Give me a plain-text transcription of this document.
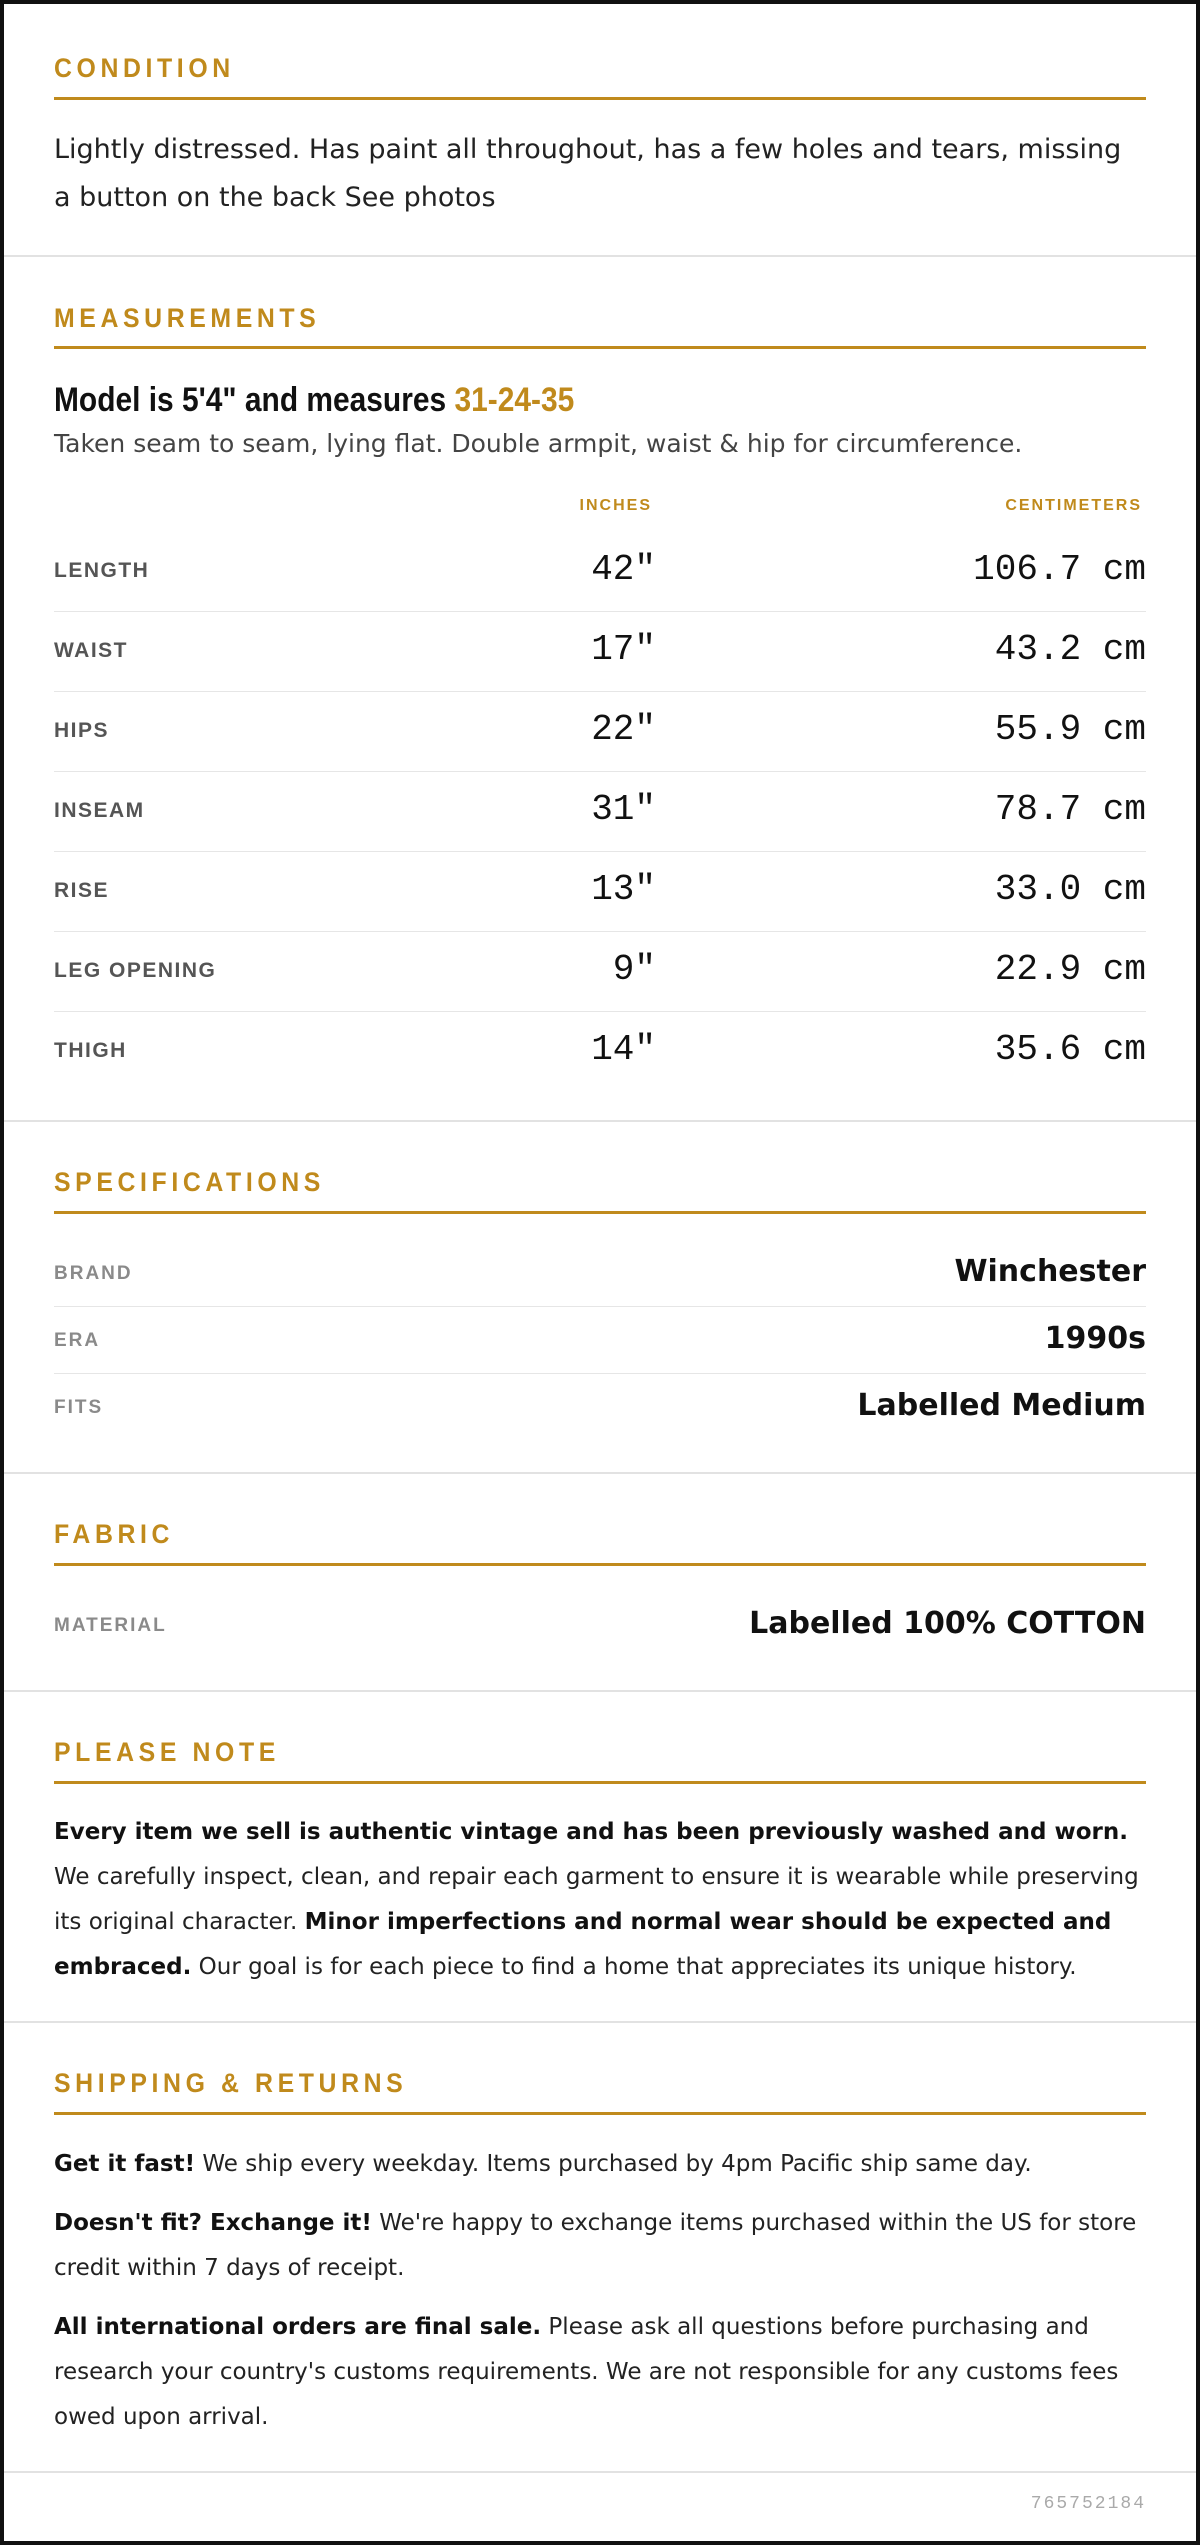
CONDITION
Lightly distressed. Has paint all throughout, has a few holes and tears, missing a button on the back See photos
MEASUREMENTS
Model is 5'4" and measures 31-24-35
Taken seam to seam, lying flat. Double armpit, waist & hip for circumference.
INCHES	CENTIMETERS
LENGTH	42"	106.7 cm
WAIST	17"	43.2 cm
HIPS	22"	55.9 cm
INSEAM	31"	78.7 cm
RISE	13"	33.0 cm
LEG OPENING	9"	22.9 cm
THIGH	14"	35.6 cm
SPECIFICATIONS
BRAND	Winchester
ERA	1990s
FITS	Labelled Medium
FABRIC
MATERIAL	Labelled 100% COTTON
PLEASE NOTE
Every item we sell is authentic vintage and has been previously washed and worn. We carefully inspect, clean, and repair each garment to ensure it is wearable while preserving its original character. Minor imperfections and normal wear should be expected and embraced. Our goal is for each piece to find a home that appreciates its unique history.
SHIPPING & RETURNS
Get it fast! We ship every weekday. Items purchased by 4pm Pacific ship same day.
Doesn't fit? Exchange it! We're happy to exchange items purchased within the US for store credit within 7 days of receipt.
All international orders are final sale. Please ask all questions before purchasing and research your country's customs requirements. We are not responsible for any customs fees owed upon arrival.
765752184
